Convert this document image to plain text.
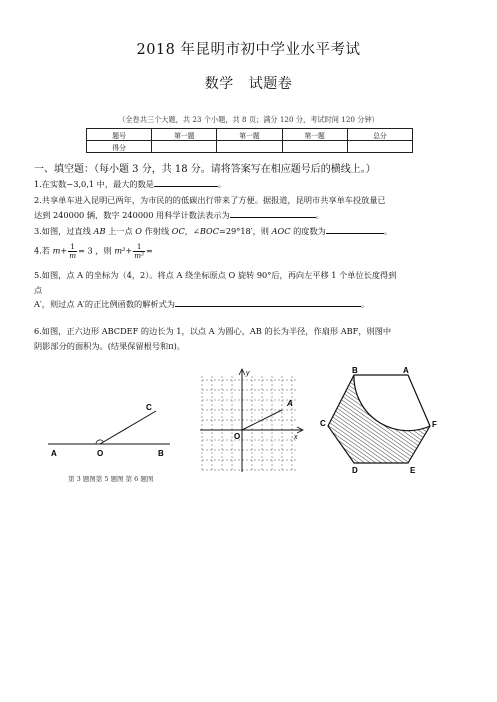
2018 年昆明市初中学业水平考试
数学 试题卷
（全卷共三个大题，共 23 个小题，共 8 页；满分 120 分，考试时间 120 分钟）
题号	第一题	第一题	第一题	总分
得分				
一、填空题：（每小题 3 分，共 18 分。请将答案写在相应题号后的横线上。）
1.在实数−3,0,1 中，最大的数是	。
2.共享单车进入昆明已两年，为市民的的低碳出行带来了方便。据报道，昆明市共享单车投放量已
达到 240000 辆，数字 240000 用科学计数法表示为	。
3.如图，过直线 AB 上一点 O 作射线 OC，∠BOC=29°18′，则 AOC 的度数为	。
4.若 $m+ \frac{1}{m} = 3$ ，则 $m^2+ \frac{1}{\text{m²}}$ =
5.如图，点 A 的坐标为（4，2）。将点 A 绕坐标原点 O 旋转 90°后，再向左平移 1 个单位长度得到
点
A′，则过点 A′的正比例函数的解析式为	。
6.如图，正六边形 ABCDEF 的边长为 1，以点 A 为圆心，AB 的长为半径，作扇形 ABF，则图中
阴影部分的面积为。(结果保留根号和π)。
A	O	B
C
y
x
O
A
B	A
C	F
D	E
第 3 题图第 5 题图 第 6 题图
